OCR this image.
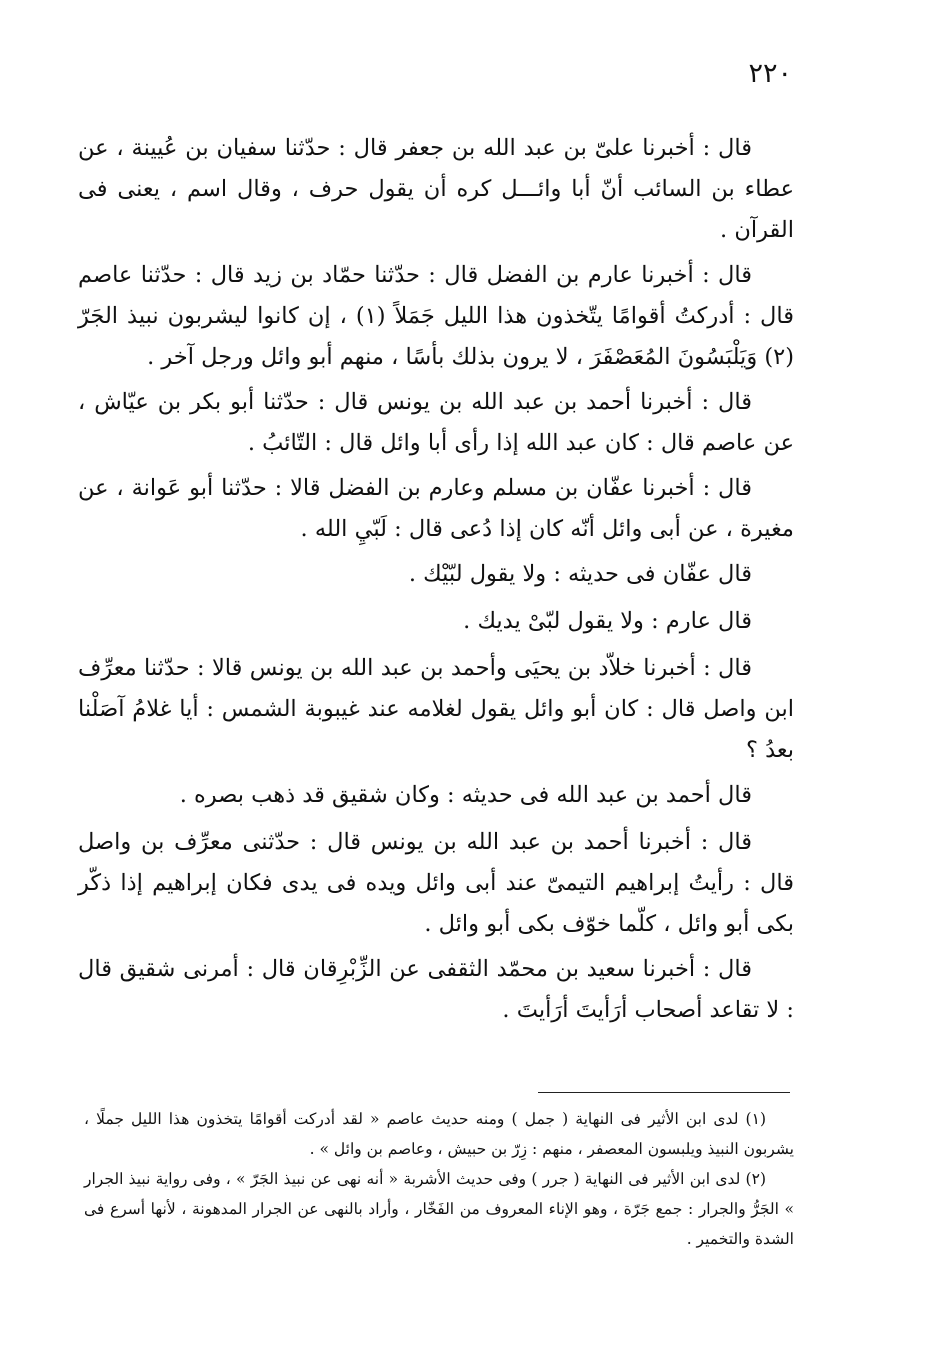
٢٢٠

قال : أخبرنا علىّ بن عبد الله بن جعفر قال : حدّثنا سفيان بن عُيينة ، عن عطاء بن السائب أنّ أبا وائـــل كره أن يقول حرف ، وقال اسم ، يعنى فى القرآن .

قال : أخبرنا عارم بن الفضل قال : حدّثنا حمّاد بن زيد قال : حدّثنا عاصم قال : أدركتُ أقوامًا يتّخذون هذا الليل جَمَلاً (١) ، إن كانوا ليشربون نبيذ الجَرّ (٢) وَيَلْبَسُونَ المُعَصْفَرَ ، لا يرون بذلك بأسًا ، منهم أبو وائل ورجل آخر .

قال : أخبرنا أحمد بن عبد الله بن يونس قال : حدّثنا أبو بكر بن عيّاش ، عن عاصم قال : كان عبد الله إذا رأى أبا وائل قال : التّائبُ .

قال : أخبرنا عفّان بن مسلم وعارم بن الفضل قالا : حدّثنا أبو عَوانة ، عن مغيرة ، عن أبى وائل أنّه كان إذا دُعى قال : لَبّيِ الله .

قال عفّان فى حديثه : ولا يقول لبّيْك .

قال عارم : ولا يقول لبّىْ يديك .

قال : أخبرنا خلاّد بن يحيَى وأحمد بن عبد الله بن يونس قالا : حدّثنا معرِّف ابن واصل قال : كان أبو وائل يقول لغلامه عند غيبوبة الشمس : أيا غلامُ آصَلْنا بعدُ ؟

قال أحمد بن عبد الله فى حديثه : وكان شقيق قد ذهب بصره .

قال : أخبرنا أحمد بن عبد الله بن يونس قال : حدّثنى معرِّف بن واصل قال : رأيتُ إبراهيم التيمىّ عند أبى وائل ويده فى يدى فكان إبراهيم إذا ذكّر بكى أبو وائل ، كلّما خوّف بكى أبو وائل .

قال : أخبرنا سعيد بن محمّد الثقفى عن الزِّبْرِقان قال : أمرنى شقيق قال : لا تقاعد أصحاب أرَأيتَ أرَأيتَ .

(١) لدى ابن الأثير فى النهاية ( جمل ) ومنه حديث عاصم « لقد أدركت أقوامًا يتخذون هذا الليل جملًا ، يشربون النبيذ ويلبسون المعصفر ، منهم : زِرّ بن حبيش ، وعاصم بن وائل » .

(٢) لدى ابن الأثير فى النهاية ( جرر ) وفى حديث الأشربة « أنه نهى عن نبيذ الجَرّ » ، وفى رواية نبيذ الجرار » الجَرُّ والجرار : جمع جَرّة ، وهو الإناء المعروف من الفَخّار ، وأراد بالنهى عن الجرار المدهونة ، لأنها أسرع فى الشدة والتخمير .
